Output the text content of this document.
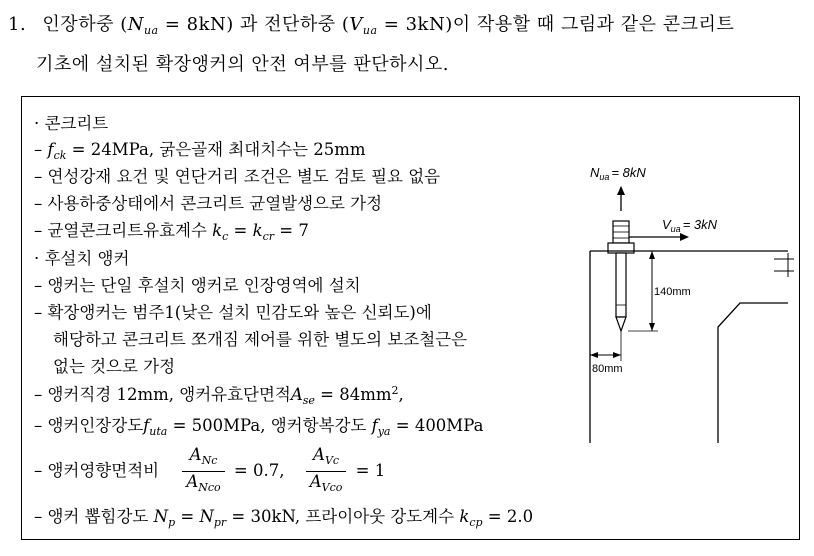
1. 인장하중 $(N_{ua} = 8kN)$ 과 전단하중 $(V_{ua} = 3kN)$이 작용할 때 그림과 같은 콘크리트
기초에 설치된 확장앵커의 안전 여부를 판단하시오.
· 콘크리트
– $f_{ck} = 24MPa$, 굵은골재 최대치수는 25mm
– 연성강재 요건 및 연단거리 조건은 별도 검토 필요 없음
– 사용하중상태에서 콘크리트 균열발생으로 가정
– 균열콘크리트유효계수 $k_c = k_{cr} = 7$
· 후설치 앵커
– 앵커는 단일 후설치 앵커로 인장영역에 설치
– 확장앵커는 범주1(낮은 설치 민감도와 높은 신뢰도)에
해당하고 콘크리트 쪼개짐 제어를 위한 별도의 보조철근은
없는 것으로 가정
– 앵커직경 12mm, 앵커유효단면적$A_{se} = 84mm^2$,
– 앵커인장강도$f_{uta} = 500MPa$, 앵커항복강도 $f_{ya} = 400MPa$
– 앵커영향면적비 $\frac{A_{Nc}}{A_{Nco}} = 0.7$, $\frac{A_{Vc}}{A_{Vco}} = 1$
– 앵커 뽑힘강도 $N_p = N_{pr} = 30kN$, 프라이아웃 강도계수 $k_{cp} = 2.0$
$N_{ua} = 8kN$
$V_{ua} = 3kN$
140mm
80mm
